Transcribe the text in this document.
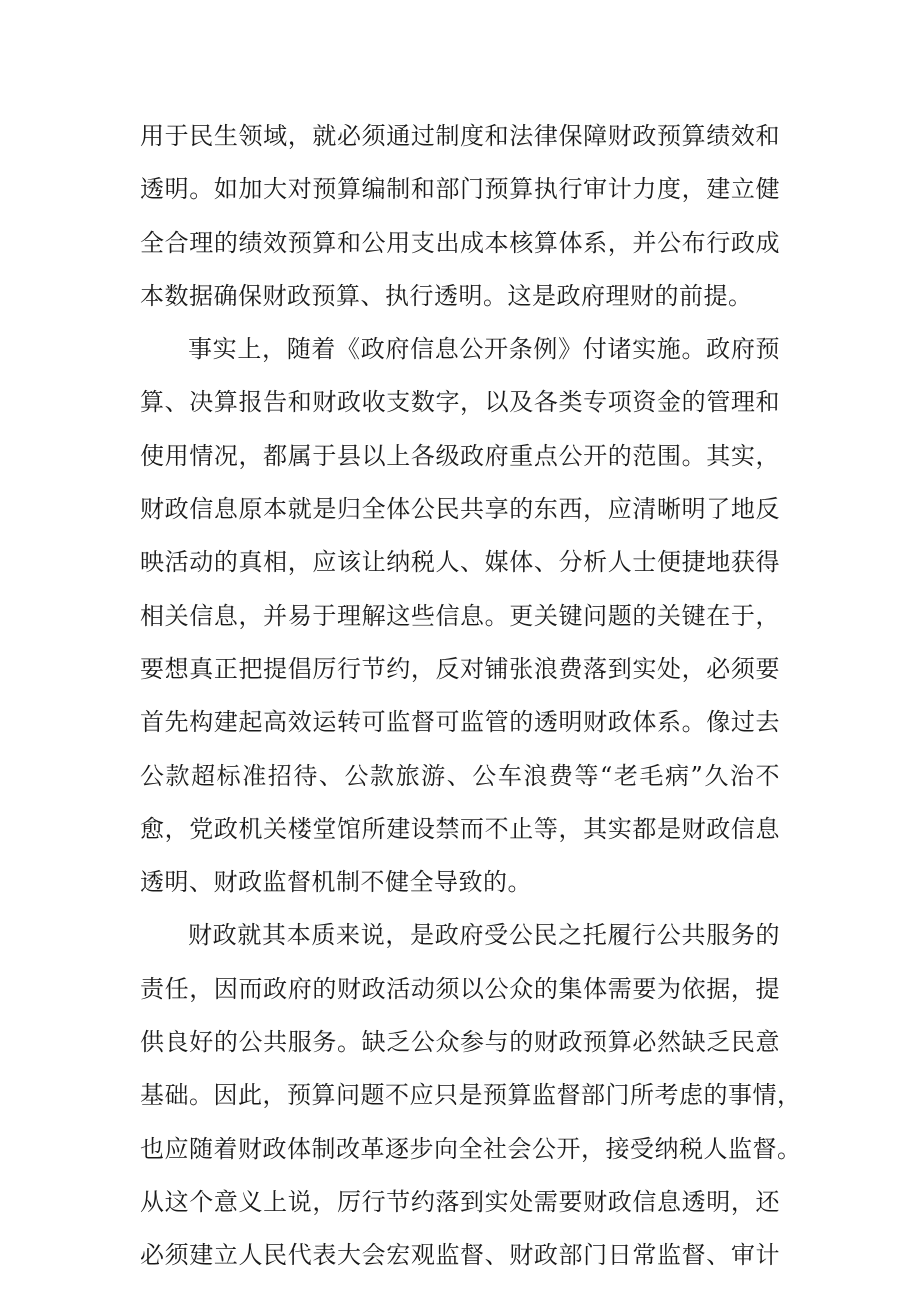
用于民生领域，就必须通过制度和法律保障财政预算绩效和
透明。如加大对预算编制和部门预算执行审计力度，建立健
全合理的绩效预算和公用支出成本核算体系，并公布行政成
本数据确保财政预算、执行透明。这是政府理财的前提。
事实上，随着《政府信息公开条例》付诸实施。政府预
算、决算报告和财政收支数字，以及各类专项资金的管理和
使用情况，都属于县以上各级政府重点公开的范围。其实，
财政信息原本就是归全体公民共享的东西，应清晰明了地反
映活动的真相，应该让纳税人、媒体、分析人士便捷地获得
相关信息，并易于理解这些信息。更关键问题的关键在于，
要想真正把提倡厉行节约，反对铺张浪费落到实处，必须要
首先构建起高效运转可监督可监管的透明财政体系。像过去
公款超标准招待、公款旅游、公车浪费等“老毛病”久治不
愈，党政机关楼堂馆所建设禁而不止等，其实都是财政信息
透明、财政监督机制不健全导致的。
财政就其本质来说，是政府受公民之托履行公共服务的
责任，因而政府的财政活动须以公众的集体需要为依据，提
供良好的公共服务。缺乏公众参与的财政预算必然缺乏民意
基础。因此，预算问题不应只是预算监督部门所考虑的事情，
也应随着财政体制改革逐步向全社会公开，接受纳税人监督。
从这个意义上说，厉行节约落到实处需要财政信息透明，还
必须建立人民代表大会宏观监督、财政部门日常监督、审计
